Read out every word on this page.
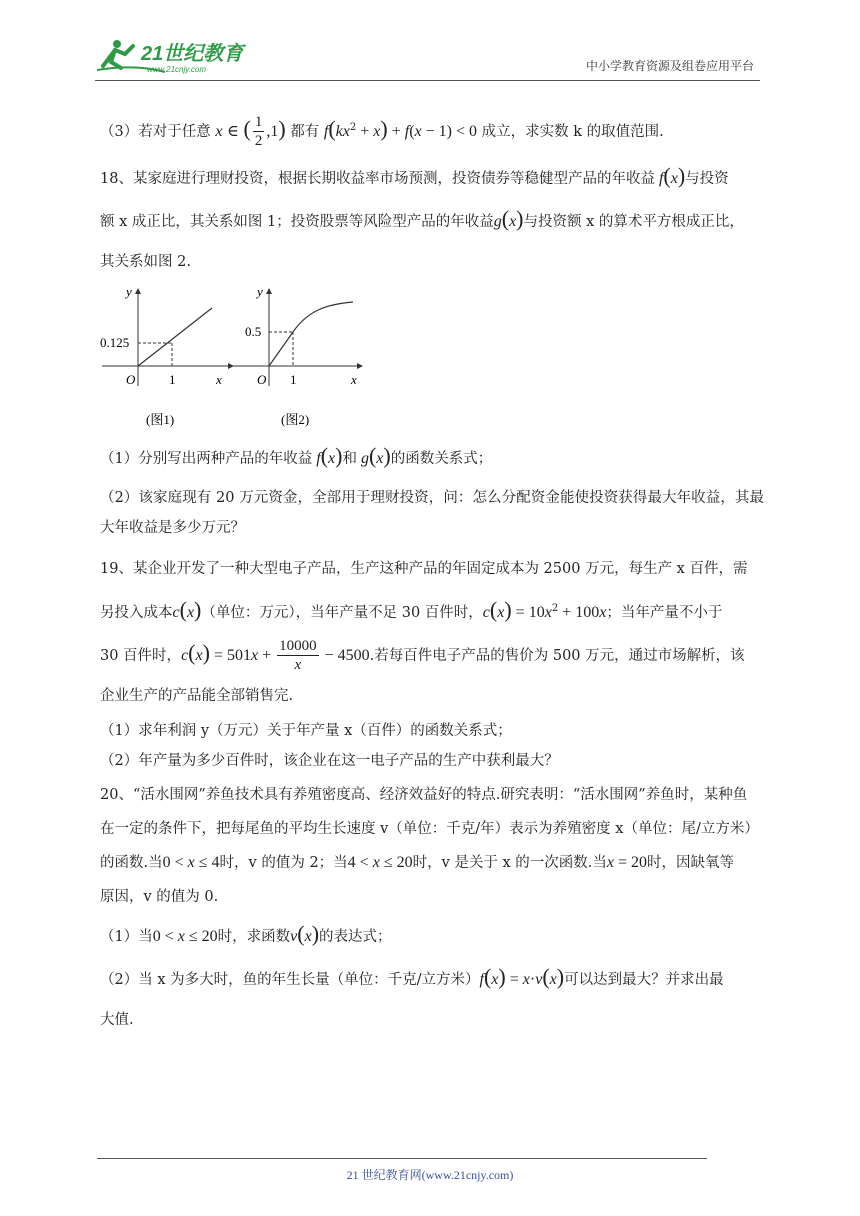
21世纪教育
www.21cnjy.com	中小学教育资源及组卷应用平台

（3）若对于任意 x ∈ ( $\frac{1}{2} ,1$) 都有 $f(kx^2 + x) + f(x - 1) < 0$ 成立，求实数 k 的取值范围.

18、某家庭进行理财投资，根据长期收益率市场预测，投资债券等稳健型产品的年收益 f(x)与投资
额 x 成正比，其关系如图 1；投资股票等风险型产品的年收益g(x)与投资额 x 的算术平方根成正比，
其关系如图 2.

y
x
O
0.125
1
(图1)
y
x
O
0.5
1
(图2)

（1）分别写出两种产品的年收益 f(x)和 g(x)的函数关系式；

（2）该家庭现有 20 万元资金，全部用于理财投资，问：怎么分配资金能使投资获得最大年收益，其最大年收益是多少万元？

19、某企业开发了一种大型电子产品，生产这种产品的年固定成本为 2500 万元，每生产 x 百件，需
另投入成本c(x)（单位：万元），当年产量不足 30 百件时，$c(x) = 10x^2 + 100x$；当年产量不小于
30 百件时，$c(x) = 501x + \frac{10000}{x} - 4500$.若每百件电子产品的售价为 500 万元，通过市场解析，该
企业生产的产品能全部销售完.

（1）求年利润 y（万元）关于年产量 x（百件）的函数关系式；

（2）年产量为多少百件时，该企业在这一电子产品的生产中获利最大？

20、“活水围网”养鱼技术具有养殖密度高、经济效益好的特点.研究表明：“活水围网”养鱼时，某种鱼
在一定的条件下，把每尾鱼的平均生长速度 v（单位：千克/年）表示为养殖密度 x（单位：尾/立方米）
的函数.当0 < x ≤ 4时，v 的值为 2；当4 < x ≤ 20时，v 是关于 x 的一次函数.当x = 20时，因缺氧等
原因，v 的值为 0.

（1）当0 < x ≤ 20时，求函数v(x)的表达式；

（2）当 x 为多大时，鱼的年生长量（单位：千克/立方米）f(x) = x·v(x)可以达到最大？并求出最
大值.

21 世纪教育网(www.21cnjy.com)
